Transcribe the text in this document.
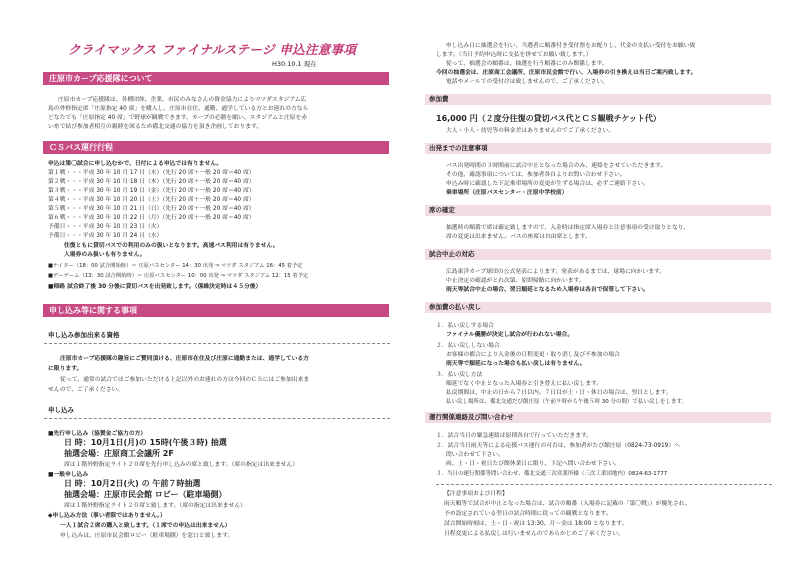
クライマックス ファイナルステージ 申込注意事項
H30.10.1 現在
庄原市カープ応援隊について
庄原市カープ応援隊は、各種団体、企業、市民のみなさんの資金協力によりマツダスタジアム広
島の外野指定席「庄原指定 40 席」を購入し、庄原市在住、通勤、通学している方とお連れの方なら
どなたでも「庄原指定 40 席」で野球が観戦できます。カープの必勝を願い、スタジアムと庄原を赤
い糸で結び参加者相互の親睦を図るため備北交通の協力を頂き企画しております。
ＣＳバス運行行程
申込は第〇試合に申し込むかで、日付による申込では有りません。
第１戦・・・平成 30 年 10 月 17 日（水）（先行 20 席＋一般 20 席＝40 席）
第２戦・・・平成 30 年 10 月 18 日（木）（先行 20 席＋一般 20 席＝40 席）
第３戦・・・平成 30 年 10 月 19 日（金）（先行 20 席＋一般 20 席＝40 席）
第４戦・・・平成 30 年 10 月 20 日（土）（先行 20 席＋一般 20 席＝40 席）
第５戦・・・平成 30 年 10 月 21 日（日）（先行 20 席＋一般 20 席＝40 席）
第６戦・・・平成 30 年 10 月 22 日（月）（先行 20 席＋一般 20 席＝40 席）
予備日・・・平成 30 年 10 月 23 日（火）
予備日・・・平成 30 年 10 月 24 日（水）
往復ともに貸切バスでの利用のみの扱いとなります。高速バス利用は有りません。
入場券のみ扱いも有りません。
■ナイター（18：00 試合開始時）＝ 庄原バスセンター 14：30 出発 ⇒ マツダ スタジアム 16：45 着予定
■デーゲーム（13：30 試合開始時）＝ 庄原バスセンター 10：00 出発 ⇒ マツダ スタジアム 12：15 着予定
■帰路 試合終了後 30 分後に貸切バスを出発致します。（係維決定時は４５分後）
申し込み等に関する事項
申し込み参加出来る資格
庄原市カープ応援隊の趣旨にご賛同頂ける、庄原市在住及び庄原に通勤または、通学している方
に限ります。
従って、通常の試合ではご参加いただける上記以外のお連れの方は今回のＣＳにはご参加出来ま
せんので、ご了承ください。
申し込み
■先行申し込み（協賛金ご協力の方）
日 時：10月1日(月)の 15時(午後３時) 抽選
抽選会場：庄原商工会議所 2F
席は１階外野指定ライト２０席を先行申し込みの席と致します。（席の指定は出来ません）
■一般申し込み
日 時：10月2日(火) の 午前７時抽選
抽選会場：庄原市民会館 ロビー（駐車場側）
席は１階外野指定ライト２０席と致します。（席の指定は出来ません）
◆申し込み方法（事い者限ではありません。）
一人１試合２席の購入と致します。（１席での申込は出来ません）
申し込みは、庄原市民会館ロビー（駐車場側）を窓口と致します。
申し込み日に抽選会を行い、当選者に順番付き受付票をお配りし、代金の支払い受付をお願い致
します。（当日予約申込時に支払を併せてお願い致します。）
従って、抽選会の順番は、抽選を行う順番にのみ関係します。
今回の抽選会は、庄原商工会議所、庄原市民会館で行い、入場券の引き換えは当日ご案内致します。
電話やメールでの受付けは致しませんので、ご了承ください。
参加費
16,000 円（２度分往復の貸切バス代とＣＳ観戦チケット代）
大人・小人・幼児等の料金差はありませんのでご了承ください。
出発までの注意事項
バス出発時間の３時間前に試合中止となった場合のみ、連絡をさせていただきます。
その他、確認事項については、参加者各自よりお問い合わせ下さい。
申込み時に確認した下記乗車場所の変更が生ずる場合は、必ずご連絡下さい。
乗車場所（庄原バスセンター・庄原中学校前）
席の確定
抽選時の順番で席は確定致しますので、入金時は指定席入場券と注意事項の受け取りとなり、
席の変更は出来ません。バスの座席は自由席とします。
試合中止の対応
広島東洋カープ球団の公式発表によります。発表があるまでは、球場に向かいます。
中止決定の確認がとれ次第、原則帰路に向かいます。
雨天等試合中止の場合、翌日順延となるため入場券は各自で保管して下さい。
参加費の払い戻し
１．払い戻しする場合
ファイナル優勝が決定し試合が行われない場合。
２．払い戻ししない場合
お客様の都合により入金後の日程変更・取り消し及び不参加の場合
雨天等で順延になった場合も払い戻しは有りません。
３．払い戻し方法
順延でなく中止となった入場券と引き替えに払い戻します。
払戻期間は、中止の日から７日以内。７日目が土・日・休日の場合は、翌日とします。
払い戻し場所は、備北交通だび館庄原（午前９時から午後５時 30 分の間）で払い戻しをします。
運行関係連絡及び問い合わせ
１．試合当日の緊急連絡は原則各自で行っていただきます。
２．試合当日雨天等による応援バス運行の可否は、参加者がたび館庄原（0824-73-0919）へ
問い合わせて下さい。
両、土・日・祝日たび館休業日に限り、下記へ問い合わせ下さい。
３．当日の運行関係等問い合わせ、備北交通三次営業所様（三次工業団地内）0824-63-1777
【注意事項および日程】
雨天順等で試合が中止となった場合は、試合の順番（入場券に記載の「第〇戦」）が優先され、
予め設定されている翌日の試合時間に従っての観戦となります。
試合開始時刻は、土・日・祝は 13:30、月～金は 18:00 となります。
日程変更による払戻しは行いませんのであらかじめご了承ください。
